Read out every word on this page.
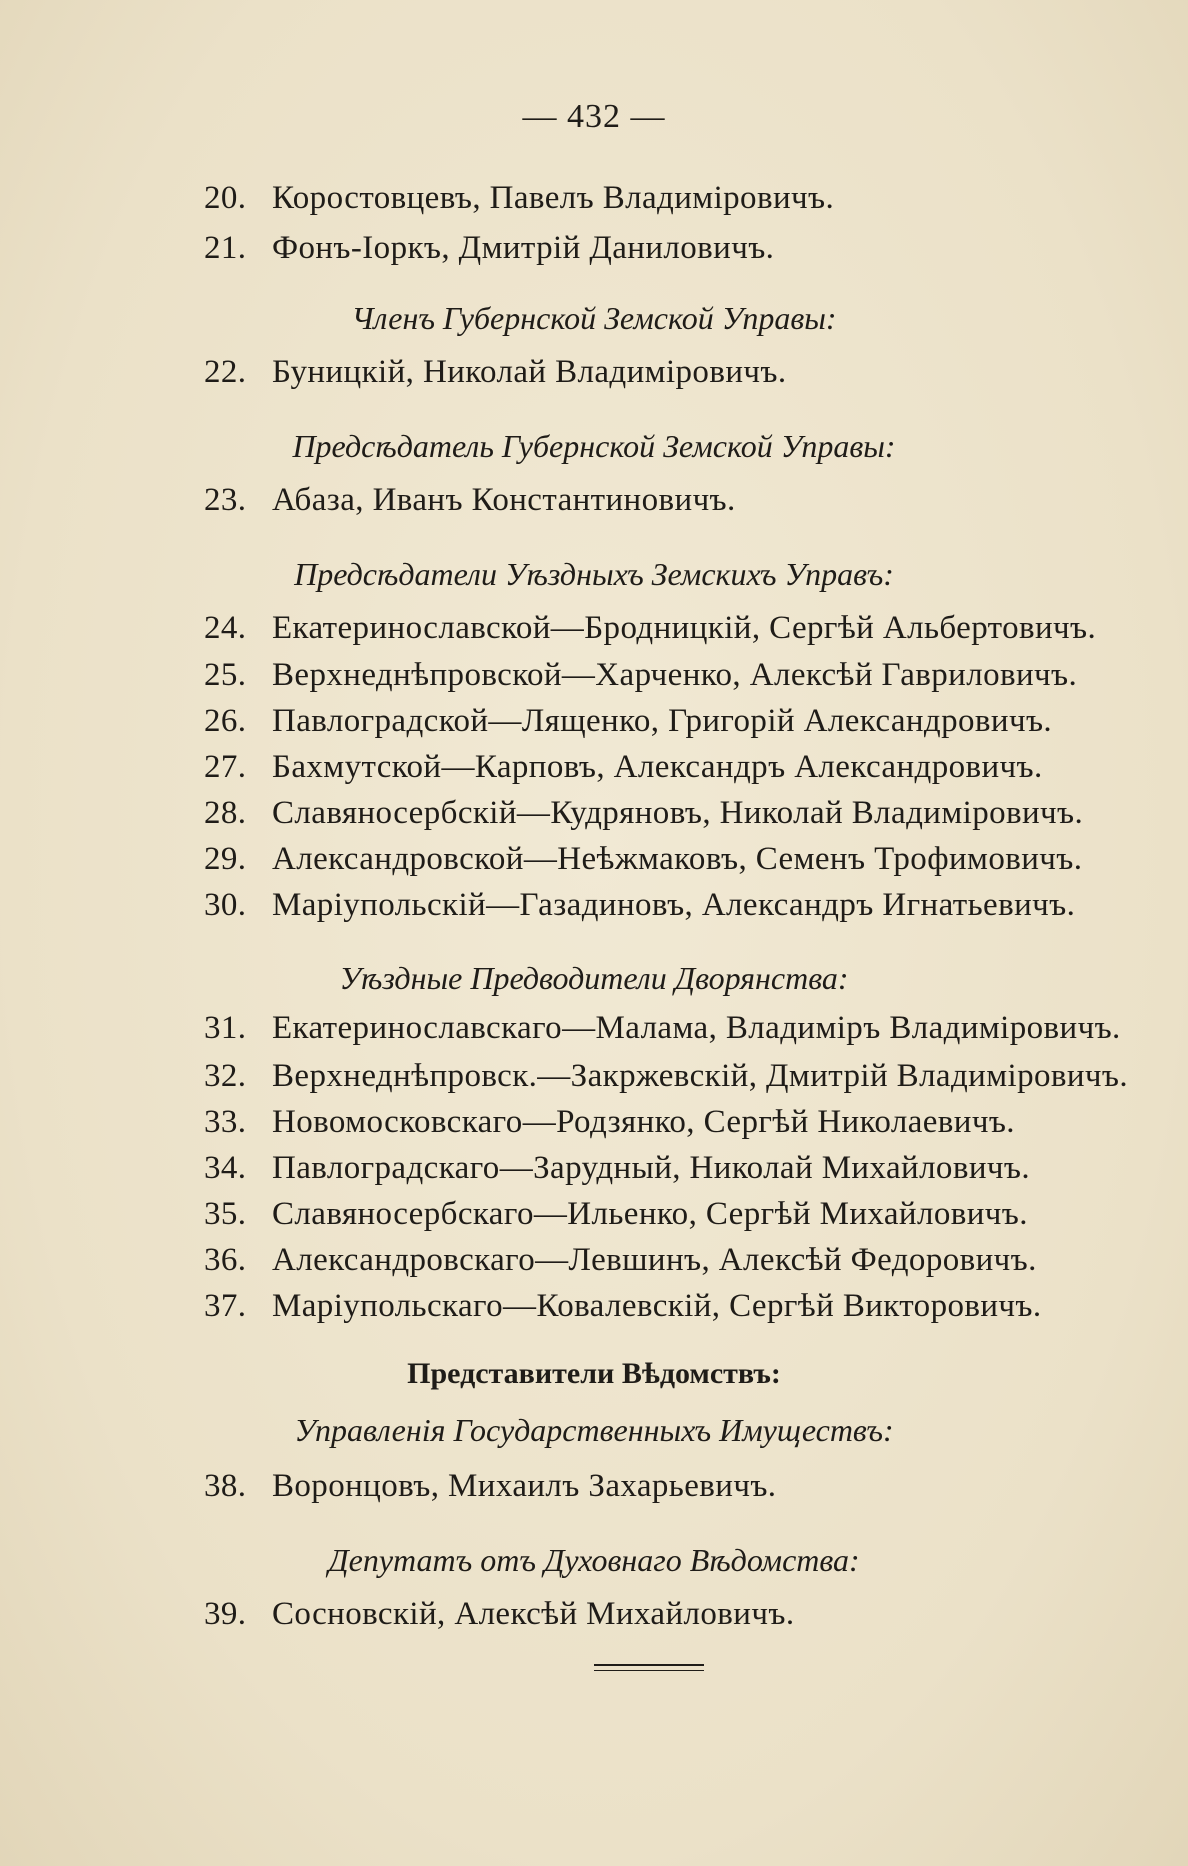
— 432 —
20. Коростовцевъ, Павелъ Владиміровичъ.
21. Фонъ-Іоркъ, Дмитрій Даниловичъ.
Членъ Губернской Земской Управы:
22. Буницкій, Николай Владиміровичъ.
Предсѣдатель Губернской Земской Управы:
23. Абаза, Иванъ Константиновичъ.
Предсѣдатели Уѣздныхъ Земскихъ Управъ:
24. Екатеринославской—Бродницкій, Сергѣй Альбертовичъ.
25. Верхнеднѣпровской—Харченко, Алексѣй Гавриловичъ.
26. Павлоградской—Лященко, Григорій Александровичъ.
27. Бахмутской—Карповъ, Александръ Александровичъ.
28. Славяносербскій—Кудряновъ, Николай Владиміровичъ.
29. Александровской—Неѣжмаковъ, Семенъ Трофимовичъ.
30. Маріупольскій—Газадиновъ, Александръ Игнатьевичъ.
Уѣздные Предводители Дворянства:
31. Екатеринославскаго—Малама, Владиміръ Владиміровичъ.
32. Верхнеднѣпровск.—Закржевскій, Дмитрій Владиміровичъ.
33. Новомосковскаго—Родзянко, Сергѣй Николаевичъ.
34. Павлоградскаго—Зарудный, Николай Михайловичъ.
35. Славяносербскаго—Ильенко, Сергѣй Михайловичъ.
36. Александровскаго—Левшинъ, Алексѣй Федоровичъ.
37. Маріупольскаго—Ковалевскій, Сергѣй Викторовичъ.
Представители Вѣдомствъ:
Управленія Государственныхъ Имуществъ:
38. Воронцовъ, Михаилъ Захарьевичъ.
Депутатъ отъ Духовнаго Вѣдомства:
39. Сосновскій, Алексѣй Михайловичъ.
